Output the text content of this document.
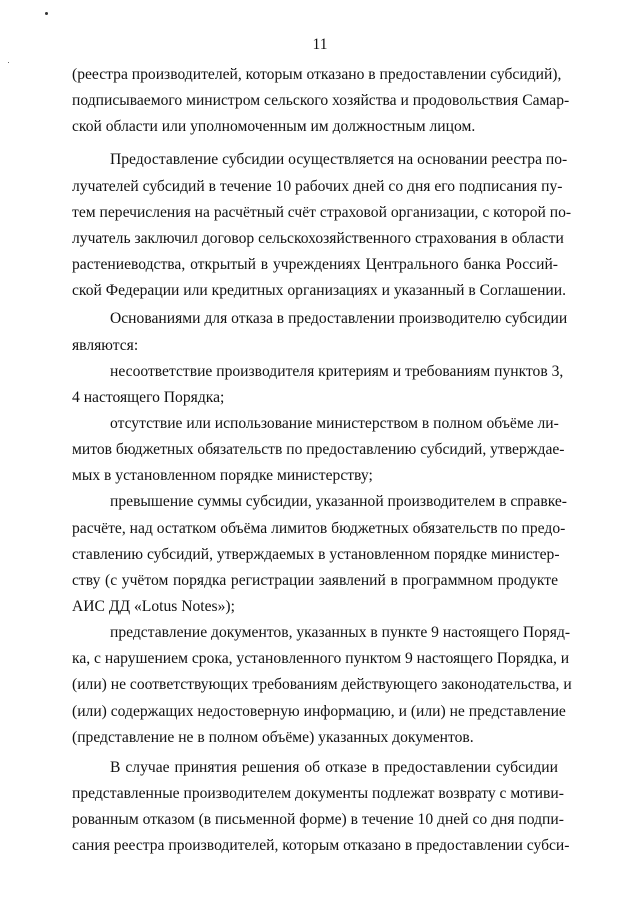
11
(реестра производителей, которым отказано в предоставлении субсидий),
подписываемого министром сельского хозяйства и продовольствия Самар-
ской области или уполномоченным им должностным лицом.
Предоставление субсидии осуществляется на основании реестра по-
лучателей субсидий в течение 10 рабочих дней со дня его подписания пу-
тем перечисления на расчётный счёт страховой организации, с которой по-
лучатель заключил договор сельскохозяйственного страхования в области
растениеводства, открытый в учреждениях Центрального банка Россий-
ской Федерации или кредитных организациях и указанный в Соглашении.
Основаниями для отказа в предоставлении производителю субсидии
являются:
несоответствие производителя критериям и требованиям пунктов 3,
4 настоящего Порядка;
отсутствие или использование министерством в полном объёме ли-
митов бюджетных обязательств по предоставлению субсидий, утверждае-
мых в установленном порядке министерству;
превышение суммы субсидии, указанной производителем в справке-
расчёте, над остатком объёма лимитов бюджетных обязательств по предо-
ставлению субсидий, утверждаемых в установленном порядке министер-
ству (с учётом порядка регистрации заявлений в программном продукте
АИС ДД «Lotus Notes»);
представление документов, указанных в пункте 9 настоящего Поряд-
ка, с нарушением срока, установленного пунктом 9 настоящего Порядка, и
(или) не соответствующих требованиям действующего законодательства, и
(или) содержащих недостоверную информацию, и (или) не представление
(представление не в полном объёме) указанных документов.
В случае принятия решения об отказе в предоставлении субсидии
представленные производителем документы подлежат возврату с мотиви-
рованным отказом (в письменной форме) в течение 10 дней со дня подпи-
сания реестра производителей, которым отказано в предоставлении субси-
